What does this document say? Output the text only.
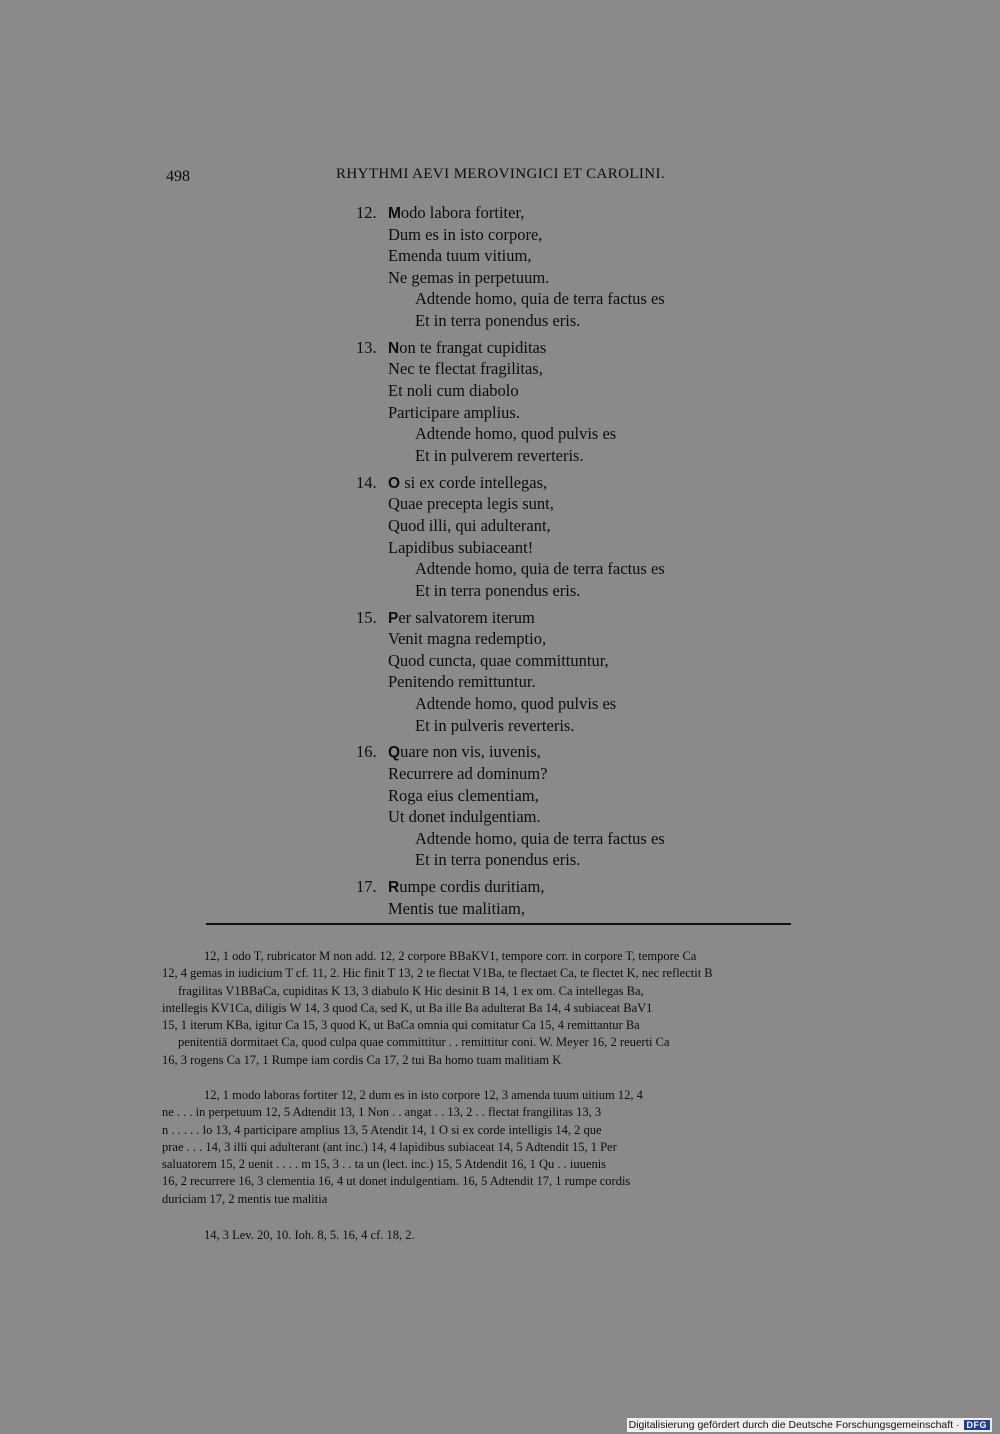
498	RHYTHMI AEVI MEROVINGICI ET CAROLINI.
12. Modo labora fortiter,
Dum es in isto corpore,
Emenda tuum vitium,
Ne gemas in perpetuum.
Adtende homo, quia de terra factus es
Et in terra ponendus eris.
13. Non te frangat cupiditas
Nec te flectat fragilitas,
Et noli cum diabolo
Participare amplius.
Adtende homo, quod pulvis es
Et in pulverem reverteris.
14. O si ex corde intellegas,
Quae precepta legis sunt,
Quod illi, qui adulterant,
Lapidibus subiaceant!
Adtende homo, quia de terra factus es
Et in terra ponendus eris.
15. Per salvatorem iterum
Venit magna redemptio,
Quod cuncta, quae committuntur,
Penitendo remittuntur.
Adtende homo, quod pulvis es
Et in pulveris reverteris.
16. Quare non vis, iuvenis,
Recurrere ad dominum?
Roga eius clementiam,
Ut donet indulgentiam.
Adtende homo, quia de terra factus es
Et in terra ponendus eris.
17. Rumpe cordis duritiam,
Mentis tue malitiam,
12, 1 odo T, rubricator M non add. 12, 2 corpore BBaKV1, tempore corr. in corpore T, tempore Ca
12, 4 gemas in iudicium T cf. 11, 2. Hic finit T 13, 2 te flectat V1Ba, te flectaet Ca, te flectet K, nec reflectit B
fragilitas V1BBaCa, cupiditas K 13, 3 diabulo K Hic desinit B 14, 1 ex om. Ca intellegas Ba,
intellegis KV1Ca, diligis W 14, 3 quod Ca, sed K, ut Ba ille Ba adulterat Ba 14, 4 subiaceat BaV1
15, 1 iterum KBa, igitur Ca 15, 3 quod K, ut BaCa omnia qui comitatur Ca 15, 4 remittantur Ba
penitentiā dormitaet Ca, quod culpa quae committitur . . remittitur coni. W. Meyer 16, 2 reuerti Ca
16, 3 rogens Ca 17, 1 Rumpe iam cordis Ca 17, 2 tui Ba homo tuam malitiam K
12, 1 modo laboras fortiter 12, 2 dum es in isto corpore 12, 3 amenda tuum uitium 12, 4
ne . . . in perpetuum 12, 5 Adtendit 13, 1 Non . . angat . . 13, 2 . . flectat frangilitas 13, 3
n . . . . . lo 13, 4 participare amplius 13, 5 Atendit 14, 1 O si ex corde intelligis 14, 2 que
prae . . . 14, 3 illi qui adulterant (ant inc.) 14, 4 lapidibus subiaceat 14, 5 Adtendit 15, 1 Per
saluatorem 15, 2 uenit . . . . m 15, 3 . . ta un (lect. inc.) 15, 5 Atdendit 16, 1 Qu . . iuuenis
16, 2 recurrere 16, 3 clementia 16, 4 ut donet indulgentiam. 16, 5 Adtendit 17, 1 rumpe cordis
duriciam 17, 2 mentis tue malitia
14, 3 Lev. 20, 10. Ioh. 8, 5. 16, 4 cf. 18, 2.
Digitalisierung gefördert durch die Deutsche Forschungsgemeinschaft · DFG
